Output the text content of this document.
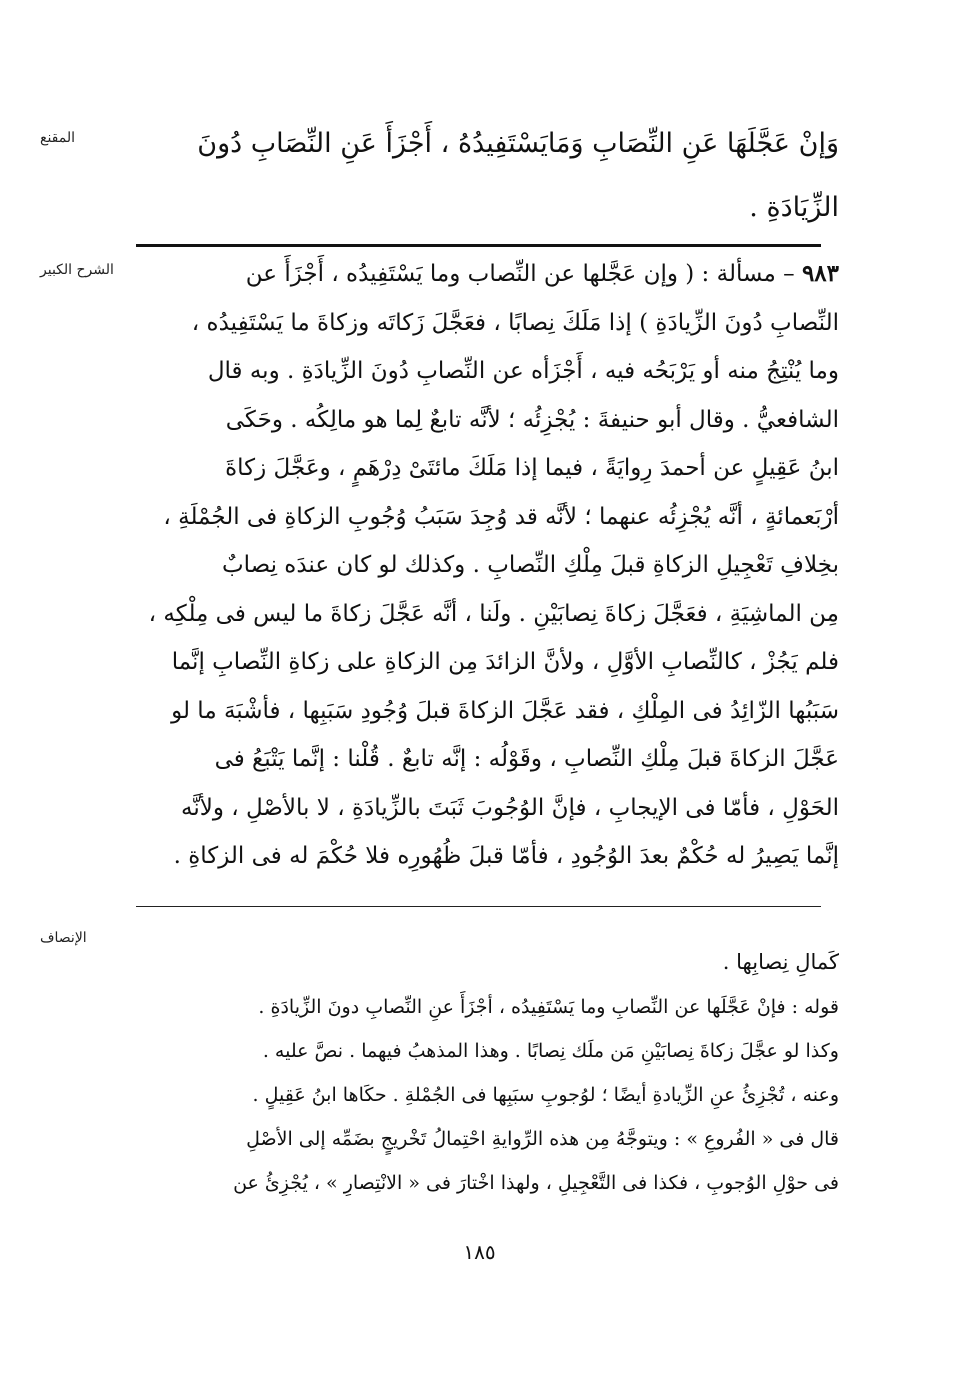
المقنع
الشرح الكبير
الإنصاف
وَإنْ عَجَّلَهَا عَنِ النِّصَابِ وَمَايَسْتَفِيدُهُ ، أَجْزَأَ عَنِ النِّصَابِ دُونَ
الزِّيَادَةِ .
٩٨٣ – مسألة : ( وإن عَجَّلها عن النِّصاب وما يَسْتَفِيدُه ، أَجْزَأَ عن
النِّصابِ دُونَ الزِّيادَةِ ) إذا مَلَكَ نِصابًا ، فعَجَّلَ زَكاتَه وزكاةَ ما يَسْتَفِيدُه ،
وما يُنْتِجُ منه أو يَرْبَحُه فيه ، أَجْزَأه عن النِّصابِ دُونَ الزِّيادَةِ . وبه قال
الشافعيُّ . وقال أبو حنيفةَ : يُجْزِئُه ؛ لأنَّه تابعٌ لِما هو مالِكُه . وحَكَى
ابنُ عَقِيلٍ عن أحمدَ رِوايَةً ، فيما إذا مَلَكَ مائتَىْ دِرْهَمٍ ، وعَجَّلَ زكاةَ
أرْبَعمائةٍ ، أنَّه يُجْزِئُه عنهما ؛ لأنَّه قد وُجِدَ سَبَبُ وُجُوبِ الزكاةِ فى الجُمْلَةِ ،
بخِلافِ تَعْجِيلِ الزكاةِ قبلَ مِلْكِ النِّصابِ . وكذلك لو كان عندَه نِصابٌ
مِن الماشِيَةِ ، فعَجَّلَ زكاةَ نِصابَيْنِ . ولَنا ، أنَّه عَجَّلَ زكاةَ ما ليس فى مِلْكِه ،
فلم يَجُزْ ، كالنِّصابِ الأوَّلِ ، ولأنَّ الزائدَ مِن الزكاةِ على زكاةِ النِّصابِ إنَّما
سَبَبُها الزّائِدُ فى المِلْكِ ، فقد عَجَّلَ الزكاةَ قبلَ وُجُودِ سَبَبِها ، فأشْبَهَ ما لو
عَجَّلَ الزكاةَ قبلَ مِلْكِ النِّصابِ ، وقَوْلُه : إنَّه تابعٌ . قُلْنا : إنَّما يَتْبَعُ فى
الحَوْلِ ، فأمّا فى الإيجابِ ، فإنَّ الوُجُوبَ ثَبَتَ بالزِّيادَةِ ، لا بالأصْلِ ، ولأنَّه
إنَّما يَصِيرُ له حُكْمٌ بعدَ الوُجُودِ ، فأمّا قبلَ ظُهُورِه فلا حُكْمَ له فى الزكاةِ .
كَمالِ نِصابِها .
قوله : فإنْ عَجَّلَها عن النِّصابِ وما يَسْتَفِيدُه ، أجْزَأَ عنِ النِّصابِ دونَ الزِّيادَةِ .
وكذا لو عجَّلَ زكاةَ نِصابَيْنِ مَن ملَك نِصابًا . وهذا المذهبُ فيهما . نصَّ عليه .
وعنه ، تُجْزِئُ عنِ الزِّيادةِ أيضًا ؛ لوُجوبِ سبَبِها فى الجُمْلةِ . حكَاها ابنُ عَقِيلٍ .
قال فى « الفُروعِ » : ويتوجَّهُ مِن هذه الرِّوايةِ احْتِمالُ تَخْريجٍ بضَمِّه إلى الأصْلِ
فى حوْلِ الوُجوبِ ، فكذا فى التَّعْجِيلِ ، ولهذا اخْتارَ فى « الانْتِصارِ » ، يُجْزِئُ عن
١٨٥
